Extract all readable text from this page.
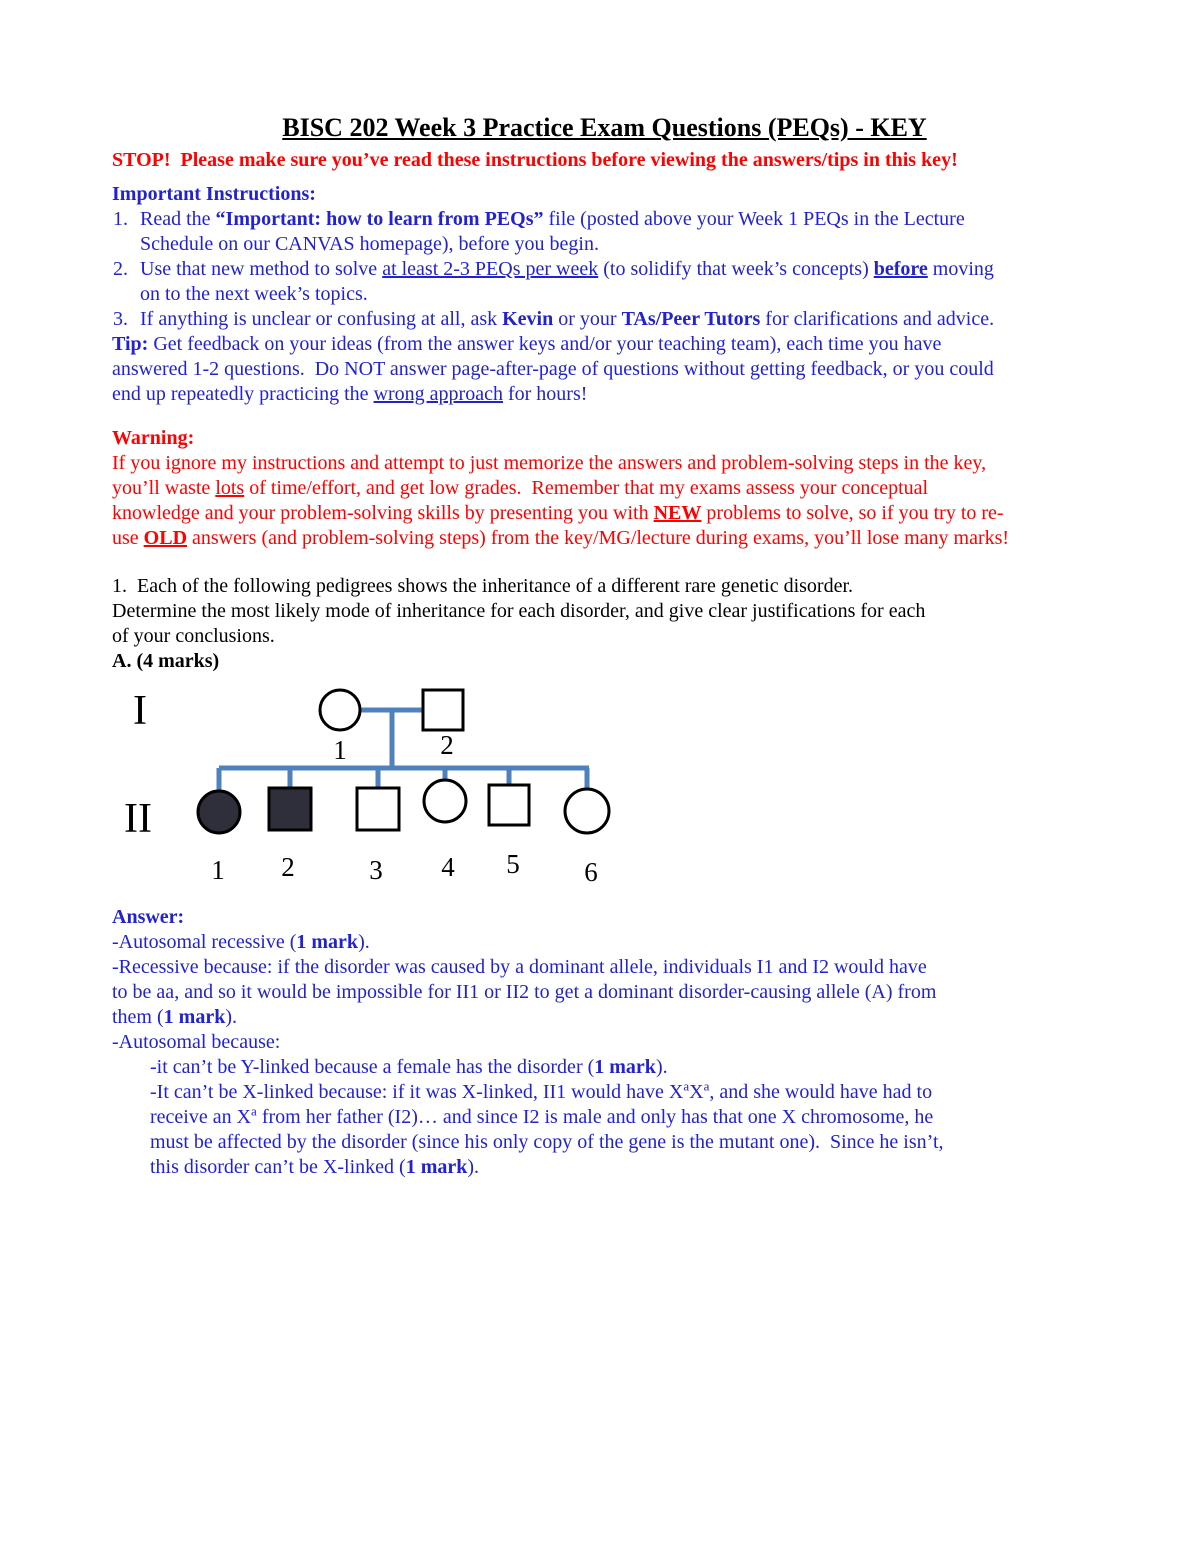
BISC 202 Week 3 Practice Exam Questions (PEQs) - KEY
STOP!  Please make sure you’ve read these instructions before viewing the answers/tips in this key!
Important Instructions:
1. Read the “Important: how to learn from PEQs” file (posted above your Week 1 PEQs in the Lecture
Schedule on our CANVAS homepage), before you begin.
2. Use that new method to solve at least 2-3 PEQs per week (to solidify that week’s concepts) before moving
on to the next week’s topics.
3. If anything is unclear or confusing at all, ask Kevin or your TAs/Peer Tutors for clarifications and advice.
Tip: Get feedback on your ideas (from the answer keys and/or your teaching team), each time you have
answered 1-2 questions.  Do NOT answer page-after-page of questions without getting feedback, or you could
end up repeatedly practicing the wrong approach for hours!
Warning:
If you ignore my instructions and attempt to just memorize the answers and problem-solving steps in the key,
you’ll waste lots of time/effort, and get low grades.  Remember that my exams assess your conceptual
knowledge and your problem-solving skills by presenting you with NEW problems to solve, so if you try to re-
use OLD answers (and problem-solving steps) from the key/MG/lecture during exams, you’ll lose many marks!
1.  Each of the following pedigrees shows the inheritance of a different rare genetic disorder.
Determine the most likely mode of inheritance for each disorder, and give clear justifications for each
of your conclusions.
A. (4 marks)
1	2
1 2	3 4 5 6
I
II
Answer:
-Autosomal recessive (1 mark).
-Recessive because: if the disorder was caused by a dominant allele, individuals I1 and I2 would have
to be aa, and so it would be impossible for II1 or II2 to get a dominant disorder-causing allele (A) from
them (1 mark).
-Autosomal because:
-it can’t be Y-linked because a female has the disorder (1 mark).
-It can’t be X-linked because: if it was X-linked, II1 would have $X^aX^a$, and she would have had to
receive an $X^a$ from her father (I2)… and since I2 is male and only has that one X chromosome, he
must be affected by the disorder (since his only copy of the gene is the mutant one).  Since he isn’t,
this disorder can’t be X-linked (1 mark).
